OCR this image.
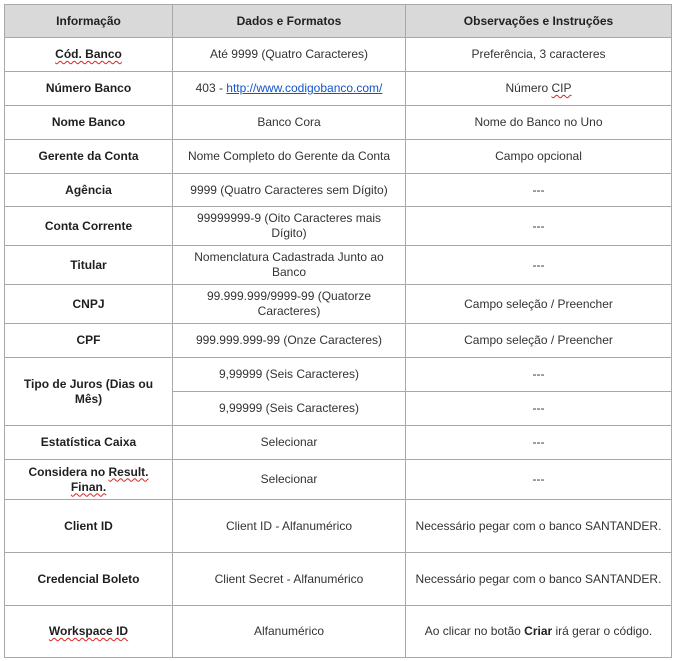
Informação	Dados e Formatos	Observações e Instruções
Cód. Banco	Até 9999 (Quatro Caracteres)	Preferência, 3 caracteres
Número Banco	403 - http://www.codigobanco.com/	Número CIP
Nome Banco	Banco Cora	Nome do Banco no Uno
Gerente da Conta	Nome Completo do Gerente da Conta	Campo opcional
Agência	9999 (Quatro Caracteres sem Dígito)	---
Conta Corrente	99999999-9 (Oito Caracteres mais Dígito)	---
Titular	Nomenclatura Cadastrada Junto ao Banco	---
CNPJ	99.999.999/9999-99 (Quatorze Caracteres)	Campo seleção / Preencher
CPF	999.999.999-99 (Onze Caracteres)	Campo seleção / Preencher
Tipo de Juros (Dias ou Mês)	9,99999 (Seis Caracteres)	---
	9,99999 (Seis Caracteres)	---
Estatística Caixa	Selecionar	---
Considera no Result. Finan.	Selecionar	---
Client ID	Client ID - Alfanumérico	Necessário pegar com o banco SANTANDER.
Credencial Boleto	Client Secret - Alfanumérico	Necessário pegar com o banco SANTANDER.
Workspace ID	Alfanumérico	Ao clicar no botão Criar irá gerar o código.
